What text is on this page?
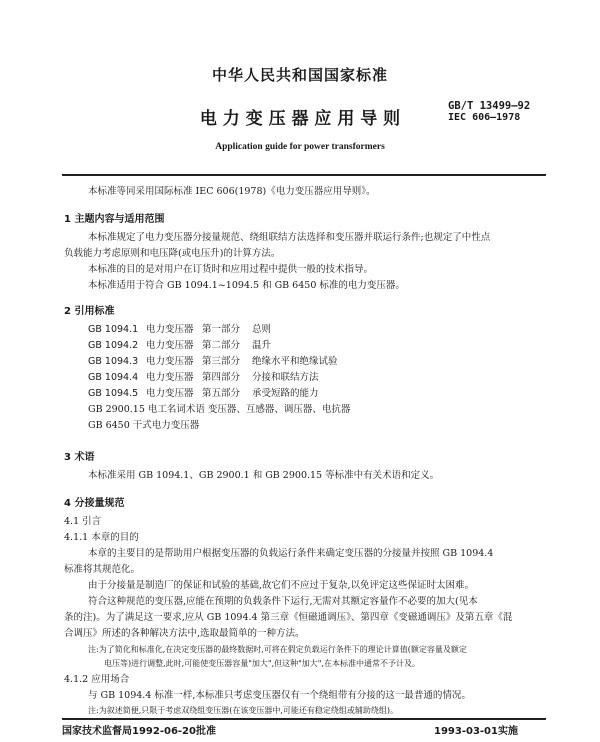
中华人民共和国国家标准
电 力 变 压 器 应 用 导 则
GB/T 13499—92
IEC 606—1978
Application guide for power transformers
本标准等同采用国际标准 IEC 606(1978)《电力变压器应用导则》。
1 主题内容与适用范围
本标准规定了电力变压器分接量规范、绕组联结方法选择和变压器并联运行条件;也规定了中性点
负载能力考虑原则和电压降(或电压升)的计算方法。
本标准的目的是对用户在订货时和应用过程中提供一般的技术指导。
本标准适用于符合 GB 1094.1~1094.5 和 GB 6450 标准的电力变压器。
2 引用标准
GB 1094.1 电力变压器 第一部分 总则
GB 1094.2 电力变压器 第二部分 温升
GB 1094.3 电力变压器 第三部分 绝缘水平和绝缘试验
GB 1094.4 电力变压器 第四部分 分接和联结方法
GB 1094.5 电力变压器 第五部分 承受短路的能力
GB 2900.15 电工名词术语 变压器、互感器、调压器、电抗器
GB 6450 干式电力变压器
3 术语
本标准采用 GB 1094.1、GB 2900.1 和 GB 2900.15 等标准中有关术语和定义。
4 分接量规范
4.1 引言
4.1.1 本章的目的
本章的主要目的是帮助用户根据变压器的负载运行条件来确定变压器的分接量并按照 GB 1094.4
标准将其规范化。
由于分接量是制造厂的保证和试验的基础,故它们不应过于复杂,以免评定这些保证时太困难。
符合这种规范的变压器,应能在预期的负载条件下运行,无需对其额定容量作不必要的加大(见本
条的注)。为了满足这一要求,应从 GB 1094.4 第三章《恒磁通调压》、第四章《变磁通调压》及第五章《混
合调压》所述的各种解决方法中,选取最简单的一种方法。
注:为了简化和标准化,在决定变压器的最终数据时,可将在假定负载运行条件下的理论计算值(额定容量及额定
电压等)进行调整,此时,可能使变压器容量"加大",但这种"加大",在本标准中通常不予计及。
4.1.2 应用场合
与 GB 1094.4 标准一样,本标准只考虑变压器仅有一个绕组带有分接的这一最普通的情况。
注:为叙述简便,只限于考虑双绕组变压器(在该变压器中,可能还有稳定绕组或辅助绕组)。
国家技术监督局1992-06-20批准	1993-03-01实施
